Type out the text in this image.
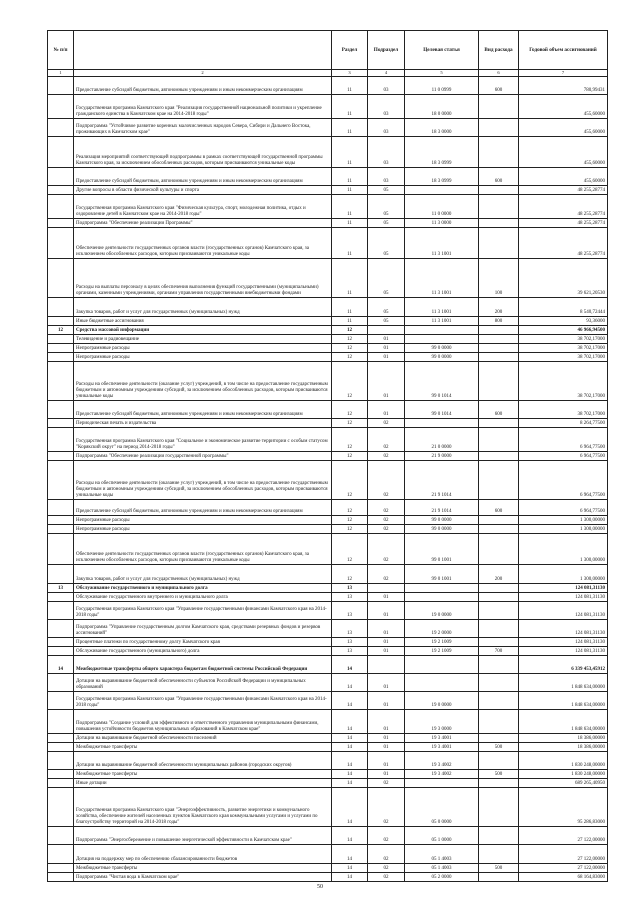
№ п/п		Раздел	Подраздел	Целевая статья	Вид расхода	Годовой объем ассигнований
1	2	3	4	5	6	7
	Предоставление субсидий бюджетным, автономным учреждениям и иным некоммерческим организациям	11	03	11 0 0999	600	780,99431
	Государственная программа Камчатского края "Реализация государственной национальной политики и укрепление гражданского единства в Камчатском крае на 2014-2018 годы"	11	03	18 0 0000		455,60000
	Подпрограмма "Устойчивое развитие коренных малочисленных народов Севера, Сибири и Дальнего Востока, проживающих в Камчатском крае"	11	03	18 3 0000		455,60000
	Реализация мероприятий соответствующей подпрограммы в рамках соответствующей государственной программы Камчатского края, за исключением обособленных расходов, которым присваиваются уникальные коды	11	03	18 3 0999		455,60000
	Предоставление субсидий бюджетным, автономным учреждениям и иным некоммерческим организациям	11	03	18 3 0999	600	455,60000
	Другие вопросы в области физической культуры и спорта	11	05			48 255,28774
	Государственная программа Камчатского края "Физическая культура, спорт, молодежная политика, отдых и оздоровление детей в Камчатском крае на 2014-2018 годы"	11	05	11 0 0000		48 255,28774
	Подпрограмма "Обеспечение реализации Программы"	11	05	11 3 0000		48 255,28774
	Обеспечение деятельности государственных органов власти (государственных органов) Камчатского края, за исключением обособленных расходов, которым присваиваются уникальные коды	11	05	11 3 1001		48 255,28774
	Расходы на выплаты персоналу в целях обеспечения выполнения функций государственными (муниципальными) органами, казенными учреждениями, органами управления государственными внебюджетными фондами	11	05	11 3 1001	100	39 621,20530
	Закупка товаров, работ и услуг для государственных (муниципальных) нужд	11	05	11 3 1001	200	8 540,72444
	Иные бюджетные ассигнования	11	05	11 3 1001	800	93,36000
12	Средства массовой информации	12				46 966,94500
	Телевидение и радиовещание	12	01			38 702,17000
	Непрограммные расходы	12	01	99 0 0000		38 702,17000
	Непрограммные расходы	12	01	99 0 0000		38 702,17000
	Расходы на обеспечение деятельности (оказание услуг) учреждений, в том числе на предоставление государственным бюджетным и автономным учреждениям субсидий, за исключением обособленных расходов, которым присваиваются уникальные коды	12	01	99 0 1014		38 702,17000
	Предоставление субсидий бюджетным, автономным учреждениям и иным некоммерческим организациям	12	01	99 0 1014	600	38 702,17000
	Периодическая печать и издательства	12	02			8 264,77500
	Государственная программа Камчатского края "Социальное и экономическое развитие территории с особым статусом "Корякский округ" на период 2014-2018 годы"	12	02	21 0 0000		6 964,77500
	Подпрограмма "Обеспечение реализации государственной программы"	12	02	21 9 0000		6 964,77500
	Расходы на обеспечение деятельности (оказание услуг) учреждений, в том числе на предоставление государственным бюджетным и автономным учреждениям субсидий, за исключением обособленных расходов, которым присваиваются уникальные коды	12	02	21 9 1014		6 964,77500
	Предоставление субсидий бюджетным, автономным учреждениям и иным некоммерческим организациям	12	02	21 9 1014	600	6 964,77500
	Непрограммные расходы	12	02	99 0 0000		1 300,00000
	Непрограммные расходы	12	02	99 0 0000		1 300,00000
	Обеспечение деятельности государственных органов власти (государственных органов) Камчатского края, за исключением обособленных расходов, которым присваиваются уникальные коды	12	02	99 0 1001		1 300,00000
	Закупка товаров, работ и услуг для государственных (муниципальных) нужд	12	02	99 0 1001	200	1 300,00000
13	Обслуживание государственного и муниципального долга	13				124 081,31130
	Обслуживание государственного внутреннего и муниципального долга	13	01			124 081,31130
	Государственная программа Камчатского края "Управление государственными финансами Камчатского края на 2014-2018 годы"	13	01	19 0 0000		124 081,31130
	Подпрограмма "Управление государственным долгом Камчатского края, средствами резервных фондов и резервов ассигнований"	13	01	19 2 0000		124 081,31130
	Процентные платежи по государственному долгу Камчатского края	13	01	19 2 1009		124 081,31130
	Обслуживание государственного (муниципального) долга	13	01	19 2 1009	700	124 081,31130
14	Межбюджетные трансферты общего характера бюджетам бюджетной системы Российской Федерации	14				6 339 453,45912
	Дотации на выравнивание бюджетной обеспеченности субъектов Российской Федерации и муниципальных образований	14	01			1 848 634,00000
	Государственная программа Камчатского края "Управление государственными финансами Камчатского края на 2014-2018 годы"	14	01	19 0 0000		1 848 634,00000
	Подпрограмма "Создание условий для эффективного и ответственного управления муниципальными финансами, повышения устойчивости бюджетов муниципальных образований в Камчатском крае"	14	01	19 3 0000		1 848 634,00000
	Дотации на выравнивание бюджетной обеспеченности поселений	14	01	19 3 4001		18 386,00000
	Межбюджетные трансферты	14	01	19 3 4001	500	18 386,00000
	Дотации на выравнивание бюджетной обеспеченности муниципальных районов (городских округов)	14	01	19 3 4002		1 830 248,00000
	Межбюджетные трансферты	14	01	19 3 4002	500	1 830 248,00000
	Иные дотации	14	02			689 265,40950
	Государственная программа Камчатского края "Энергоэффективность, развитие энергетики и коммунального хозяйства, обеспечение жителей населенных пунктов Камчатского края коммунальными услугами и услугами по благоустройству территорий на 2014-2018 годы"	14	02	05 0 0000		95 286,83000
	Подпрограмма "Энергосбережение и повышение энергетической эффективности в Камчатском крае"	14	02	05 1 0000		27 122,00000
	Дотация на поддержку мер по обеспечению сбалансированности бюджетов	14	02	05 1 4003		27 122,00000
	Межбюджетные трансферты	14	02	05 1 4003	500	27 122,00000
	Подпрограмма "Чистая вода в Камчатском крае"	14	02	05 2 0000		68 164,83000
50
